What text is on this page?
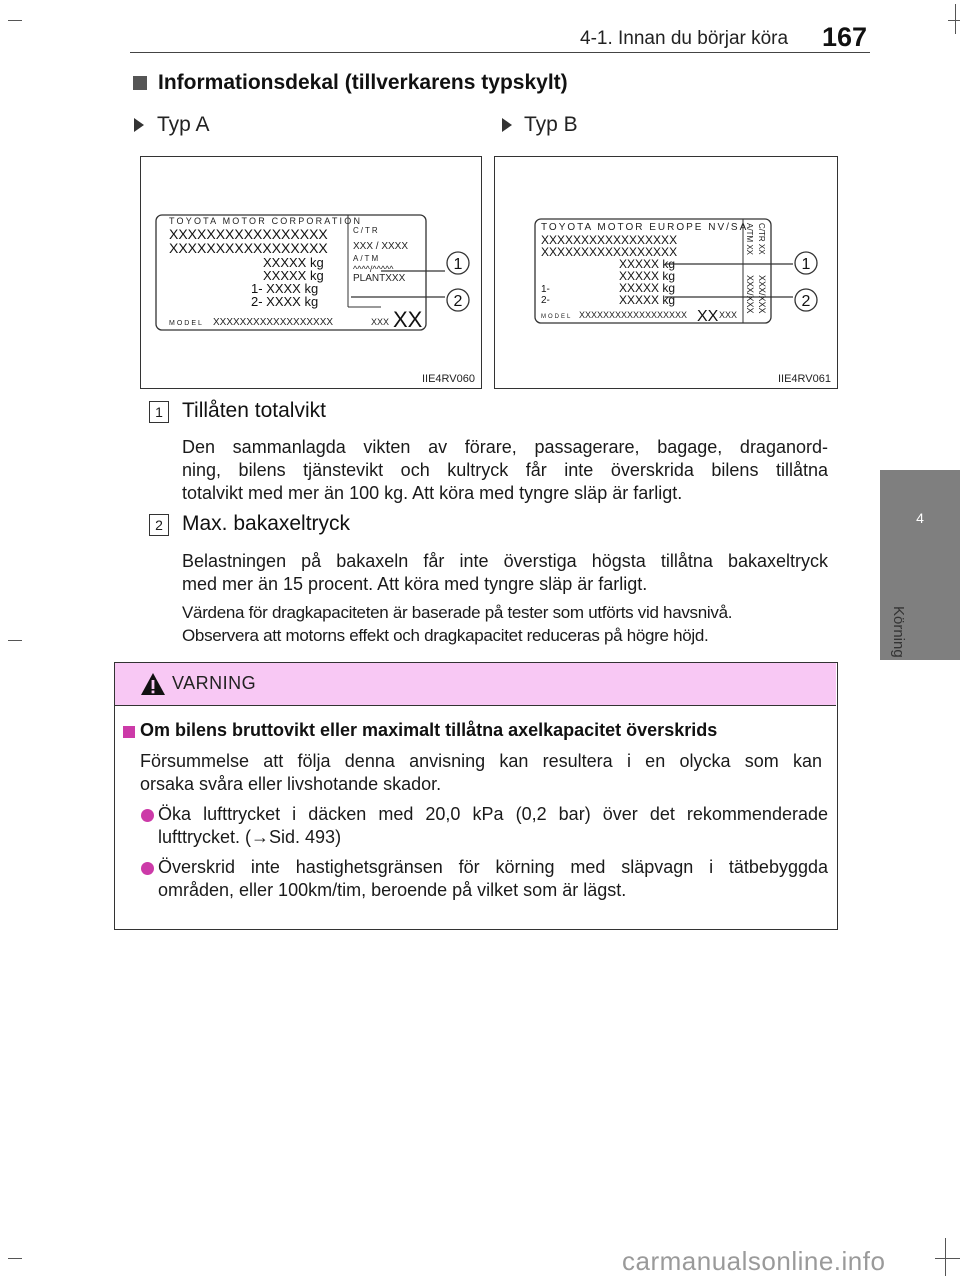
4-1. Innan du börjar köra 167
4
Körning
Informationsdekal (tillverkarens typskylt)
Typ A	Typ B
TOYOTA MOTOR CORPORATION
XXXXXXXXXXXXXXXXX
XXXXXXXXXXXXXXXXX
XXXXX kg
XXXXX kg
1- XXXX kg
2- XXXX kg
C/TR
XXX / XXXX
A/TM
^^^^/^^^^^
PLANTXXX
MODEL XXXXXXXXXXXXXXXXXX	XXX XX
1
2
IIE4RV060
TOYOTA MOTOR EUROPE NV/SA
XXXXXXXXXXXXXXXXX
XXXXXXXXXXXXXXXXX
XXXXX kg
XXXXX kg
1-	XXXXX kg
2-	XXXXX kg
C/TR XX
A/TM XX
XXX/XXX
XXX/XXX
MODEL XXXXXXXXXXXXXXXXXX XX XXX
1
2
IIE4RV061
1 Tillåten totalvikt
Den sammanlagda vikten av förare, passagerare, bagage, draganord-
ning, bilens tjänstevikt och kultryck får inte överskrida bilens tillåtna
totalvikt med mer än 100 kg. Att köra med tyngre släp är farligt.
2 Max. bakaxeltryck
Belastningen på bakaxeln får inte överstiga högsta tillåtna bakaxeltryck
med mer än 15 procent. Att köra med tyngre släp är farligt.
Värdena för dragkapaciteten är baserade på tester som utförts vid havsnivå.
Observera att motorns effekt och dragkapacitet reduceras på högre höjd.
VARNING
Om bilens bruttovikt eller maximalt tillåtna axelkapacitet överskrids
Försummelse att följa denna anvisning kan resultera i en olycka som kan
orsaka svåra eller livshotande skador.
Öka lufttrycket i däcken med 20,0 kPa (0,2 bar) över det rekommenderade
lufttrycket. (→Sid. 493)
Överskrid inte hastighetsgränsen för körning med släpvagn i tätbebyggda
områden, eller 100km/tim, beroende på vilket som är lägst.
carmanualsonline.info
